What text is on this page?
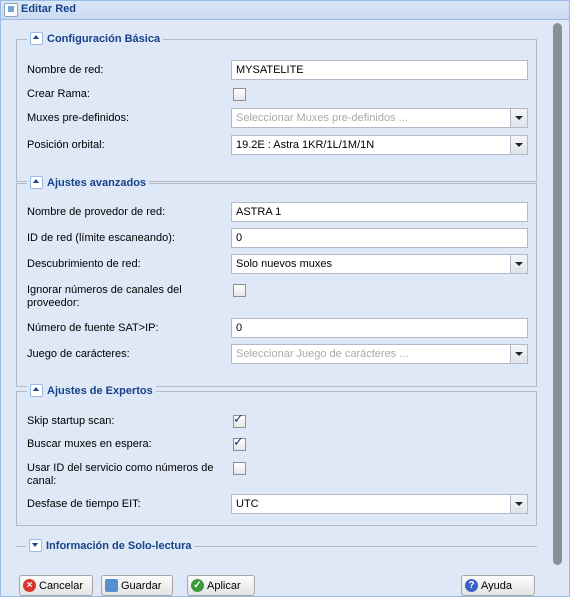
Editar Red
Configuración Básica
Nombre de red:	MYSATELITE
Crear Rama:
Muxes pre-definidos:	Seleccionar Muxes pre-definidos ...
Posición orbital:	19.2E : Astra 1KR/1L/1M/1N
Ajustes avanzados
Nombre de provedor de red:	ASTRA 1
ID de red (límite escaneando):	0
Descubrimiento de red:	Solo nuevos muxes
Ignorar números de canales del proveedor:
Número de fuente SAT>IP:	0
Juego de carácteres:	Seleccionar Juego de carácteres ...
Ajustes de Expertos
Skip startup scan:	✓
Buscar muxes en espera:	✓
Usar ID del servicio como números de canal:
Desfase de tiempo EIT:	UTC
Información de Solo-lectura
× Cancelar	Guardar	✓ Aplicar	? Ayuda
